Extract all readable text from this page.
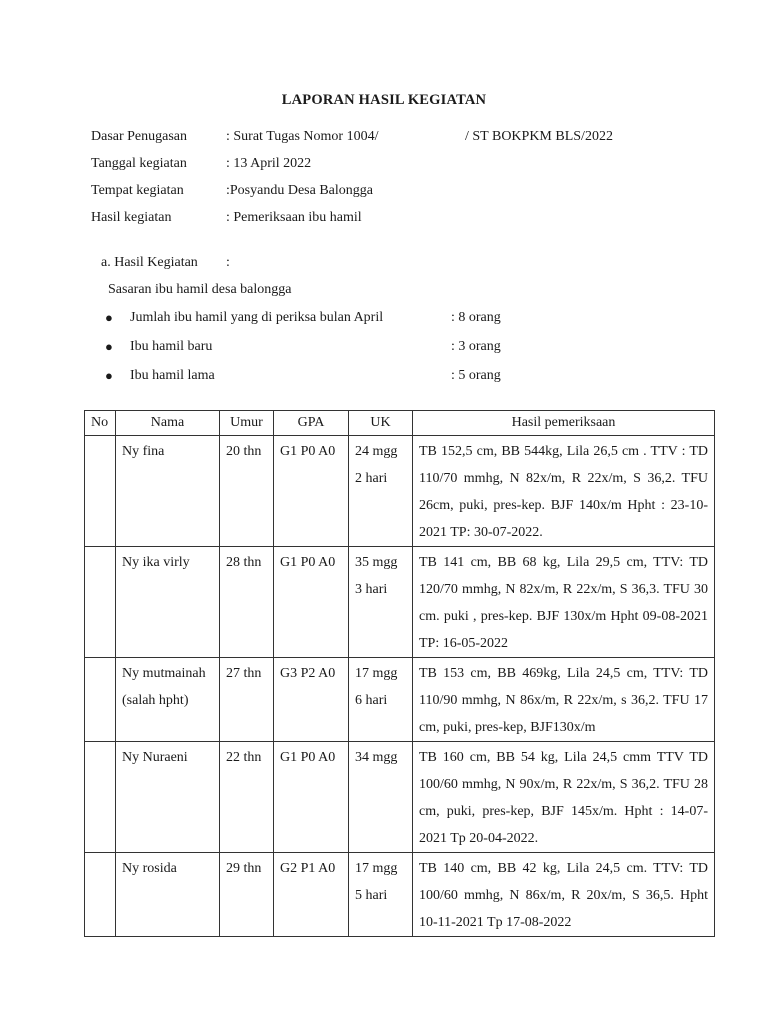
LAPORAN HASIL KEGIATAN
Dasar Penugasan	: Surat Tugas Nomor 1004/	/ ST BOKPKM BLS/2022
Tanggal kegiatan	: 13 April 2022
Tempat kegiatan	:Posyandu Desa Balongga
Hasil kegiatan	: Pemeriksaan ibu hamil
a. Hasil Kegiatan :
Sasaran ibu hamil desa balongga
● Jumlah ibu hamil yang di periksa bulan April	: 8 orang
● Ibu hamil baru	: 3 orang
● Ibu hamil lama	: 5 orang
No	Nama	Umur	GPA	UK	Hasil pemeriksaan
	Ny fina	20 thn	G1 P0 A0	24 mgg 2 hari	TB 152,5 cm, BB 544kg, Lila 26,5 cm . TTV : TD 110/70 mmhg, N 82x/m, R 22x/m, S 36,2. TFU 26cm, puki, pres-kep. BJF 140x/m Hpht : 23-10-2021 TP: 30-07-2022.
	Ny ika virly	28 thn	G1 P0 A0	35 mgg 3 hari	TB 141 cm, BB 68 kg, Lila 29,5 cm, TTV: TD 120/70 mmhg, N 82x/m, R 22x/m, S 36,3. TFU 30 cm. puki , pres-kep. BJF 130x/m Hpht 09-08-2021 TP: 16-05-2022
	Ny mutmainah (salah hpht)	27 thn	G3 P2 A0	17 mgg 6 hari	TB 153 cm, BB 469kg, Lila 24,5 cm, TTV: TD 110/90 mmhg, N 86x/m, R 22x/m, s 36,2. TFU 17 cm, puki, pres-kep, BJF130x/m
	Ny Nuraeni	22 thn	G1 P0 A0	34 mgg	TB 160 cm, BB 54 kg, Lila 24,5 cmm TTV TD 100/60 mmhg, N 90x/m, R 22x/m, S 36,2. TFU 28 cm, puki, pres-kep, BJF 145x/m. Hpht : 14-07-2021 Tp 20-04-2022.
	Ny rosida	29 thn	G2 P1 A0	17 mgg 5 hari	TB 140 cm, BB 42 kg, Lila 24,5 cm. TTV: TD 100/60 mmhg, N 86x/m, R 20x/m, S 36,5. Hpht 10-11-2021 Tp 17-08-2022
